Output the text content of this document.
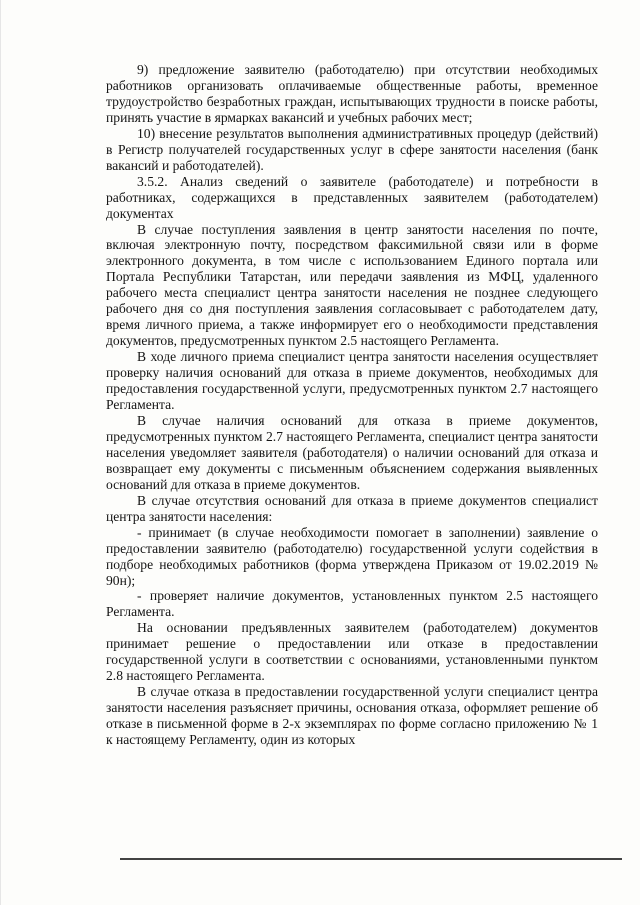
9) предложение заявителю (работодателю) при отсутствии необходимых работников организовать оплачиваемые общественные работы, временное трудоустройство безработных граждан, испытывающих трудности в поиске работы, принять участие в ярмарках вакансий и учебных рабочих мест;

10) внесение результатов выполнения административных процедур (действий) в Регистр получателей государственных услуг в сфере занятости населения (банк вакансий и работодателей).

3.5.2. Анализ сведений о заявителе (работодателе) и потребности в работниках, содержащихся в представленных заявителем (работодателем) документах

В случае поступления заявления в центр занятости населения по почте, включая электронную почту, посредством факсимильной связи или в форме электронного документа, в том числе с использованием Единого портала или Портала Республики Татарстан, или передачи заявления из МФЦ, удаленного рабочего места специалист центра занятости населения не позднее следующего рабочего дня со дня поступления заявления согласовывает с работодателем дату, время личного приема, а также информирует его о необходимости представления документов, предусмотренных пунктом 2.5 настоящего Регламента.

В ходе личного приема специалист центра занятости населения осуществляет проверку наличия оснований для отказа в приеме документов, необходимых для предоставления государственной услуги, предусмотренных пунктом 2.7 настоящего Регламента.

В случае наличия оснований для отказа в приеме документов, предусмотренных пунктом 2.7 настоящего Регламента, специалист центра занятости населения уведомляет заявителя (работодателя) о наличии оснований для отказа и возвращает ему документы с письменным объяснением содержания выявленных оснований для отказа в приеме документов.

В случае отсутствия оснований для отказа в приеме документов специалист центра занятости населения:

- принимает (в случае необходимости помогает в заполнении) заявление о предоставлении заявителю (работодателю) государственной услуги содействия в подборе необходимых работников (форма утверждена Приказом от 19.02.2019 № 90н);

- проверяет наличие документов, установленных пунктом 2.5 настоящего Регламента.

На основании предъявленных заявителем (работодателем) документов принимает решение о предоставлении или отказе в предоставлении государственной услуги в соответствии с основаниями, установленными пунктом 2.8 настоящего Регламента.

В случае отказа в предоставлении государственной услуги специалист центра занятости населения разъясняет причины, основания отказа, оформляет решение об отказе в письменной форме в 2-х экземплярах по форме согласно приложению № 1 к настоящему Регламенту, один из которых
